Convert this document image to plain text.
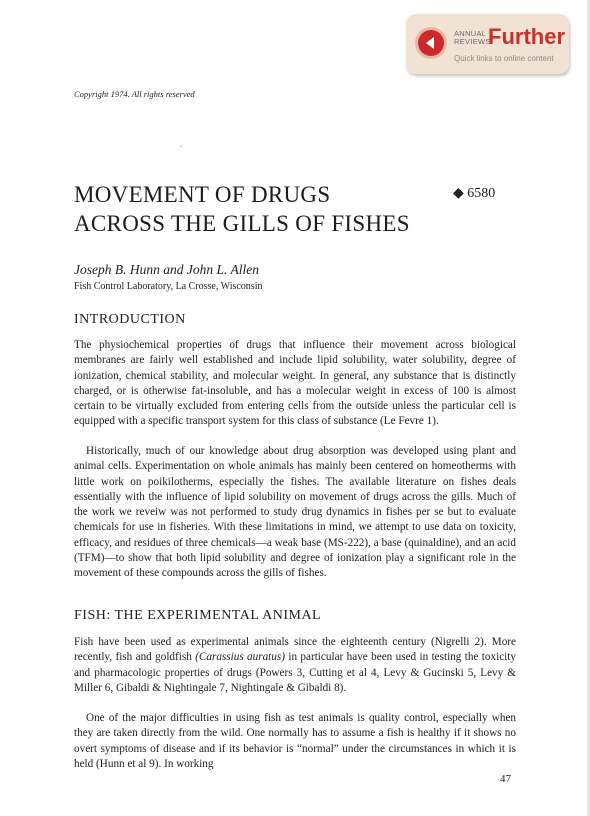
ANNUAL
REVIEWS
Further
Quick links to online content
Copyright 1974. All rights reserved
MOVEMENT OF DRUGS
ACROSS THE GILLS OF FISHES
◆ 6580
Joseph B. Hunn and John L. Allen
Fish Control Laboratory, La Crosse, Wisconsin
INTRODUCTION
The physiochemical properties of drugs that influence their movement across biological membranes are fairly well established and include lipid solubility, water solubility, degree of ionization, chemical stability, and molecular weight. In general, any substance that is distinctly charged, or is otherwise fat-insoluble, and has a molecular weight in excess of 100 is almost certain to be virtually excluded from entering cells from the outside unless the particular cell is equipped with a specific transport system for this class of substance (Le Fevre 1).
Historically, much of our knowledge about drug absorption was developed using plant and animal cells. Experimentation on whole animals has mainly been centered on homeotherms with little work on poikilotherms, especially the fishes. The available literature on fishes deals essentially with the influence of lipid solubility on movement of drugs across the gills. Much of the work we reveiw was not performed to study drug dynamics in fishes per se but to evaluate chemicals for use in fisheries. With these limitations in mind, we attempt to use data on toxicity, efficacy, and residues of three chemicals—a weak base (MS-222), a base (quinaldine), and an acid (TFM)—to show that both lipid solubility and degree of ionization play a significant role in the movement of these compounds across the gills of fishes.
FISH: THE EXPERIMENTAL ANIMAL
Fish have been used as experimental animals since the eighteenth century (Nigrelli 2). More recently, fish and goldfish (Carassius auratus) in particular have been used in testing the toxicity and pharmacologic properties of drugs (Powers 3, Cutting et al 4, Levy & Gucinski 5, Levy & Miller 6, Gibaldi & Nightingale 7, Nightingale & Gibaldi 8).
One of the major difficulties in using fish as test animals is quality control, especially when they are taken directly from the wild. One normally has to assume a fish is healthy if it shows no overt symptoms of disease and if its behavior is “normal” under the circumstances in which it is held (Hunn et al 9). In working
47
